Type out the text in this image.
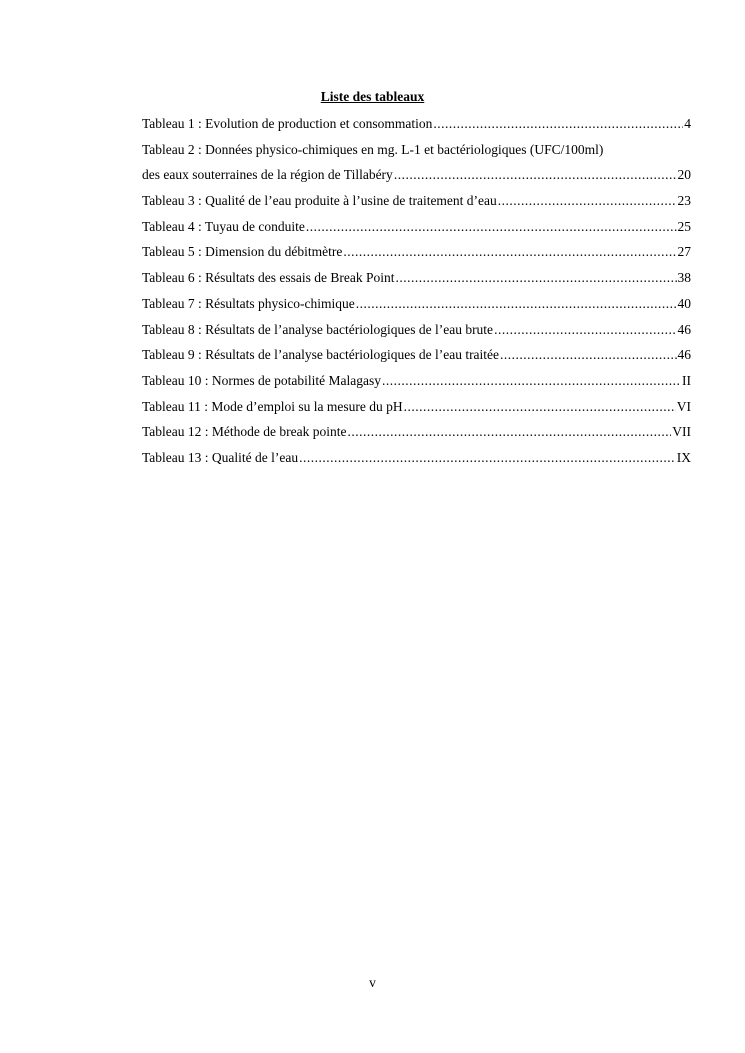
Liste des tableaux
Tableau 1 : Evolution de production et consommation .....	4
Tableau 2 : Données physico-chimiques en mg. L-1 et bactériologiques (UFC/100ml)
des eaux souterraines de la région de Tillabéry .....	20
Tableau 3 : Qualité de l’eau produite à l’usine de traitement d’eau .....	23
Tableau 4 : Tuyau de conduite .....	25
Tableau 5 : Dimension du débitmètre .....	27
Tableau 6 : Résultats des essais de Break Point .....	38
Tableau 7 : Résultats physico-chimique .....	40
Tableau 8 : Résultats de l’analyse bactériologiques de l’eau brute .....	46
Tableau 9 : Résultats de l’analyse bactériologiques de l’eau traitée .....	46
Tableau 10 : Normes de potabilité Malagasy .....	II
Tableau 11 : Mode d’emploi su la mesure du pH .....	VI
Tableau 12 : Méthode de break pointe .....	VII
Tableau 13 : Qualité de l’eau .....	IX
v
